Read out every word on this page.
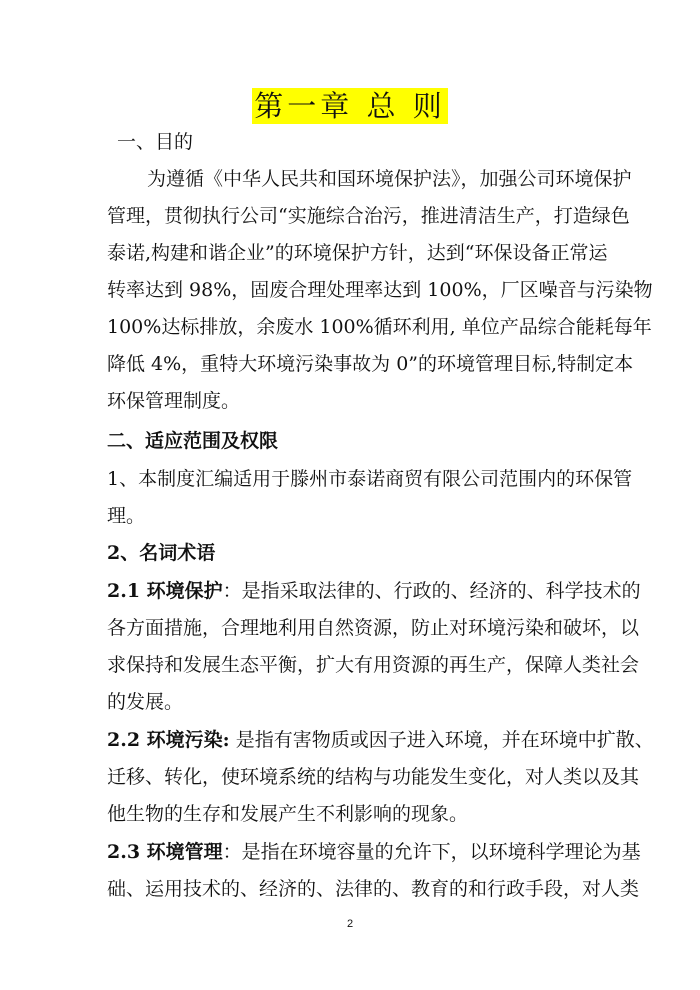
第一章 总 则
一、目的
为遵循《中华人民共和国环境保护法》，加强公司环境保护
管理，贯彻执行公司“实施综合治污，推进清洁生产，打造绿色
泰诺,构建和谐企业”的环境保护方针，达到“环保设备正常运
转率达到 98%，固废合理处理率达到 100%，厂区噪音与污染物
100%达标排放，余废水 100%循环利用, 单位产品综合能耗每年
降低 4%，重特大环境污染事故为 0”的环境管理目标,特制定本
环保管理制度。
二、适应范围及权限
1、本制度汇编适用于滕州市泰诺商贸有限公司范围内的环保管
理。
2、名词术语
2.1 环境保护：是指采取法律的、行政的、经济的、科学技术的
各方面措施，合理地利用自然资源，防止对环境污染和破坏，以
求保持和发展生态平衡，扩大有用资源的再生产，保障人类社会
的发展。
2.2 环境污染: 是指有害物质或因子进入环境，并在环境中扩散、
迁移、转化，使环境系统的结构与功能发生变化，对人类以及其
他生物的生存和发展产生不利影响的现象。
2.3 环境管理：是指在环境容量的允许下，以环境科学理论为基
础、运用技术的、经济的、法律的、教育的和行政手段，对人类
2
